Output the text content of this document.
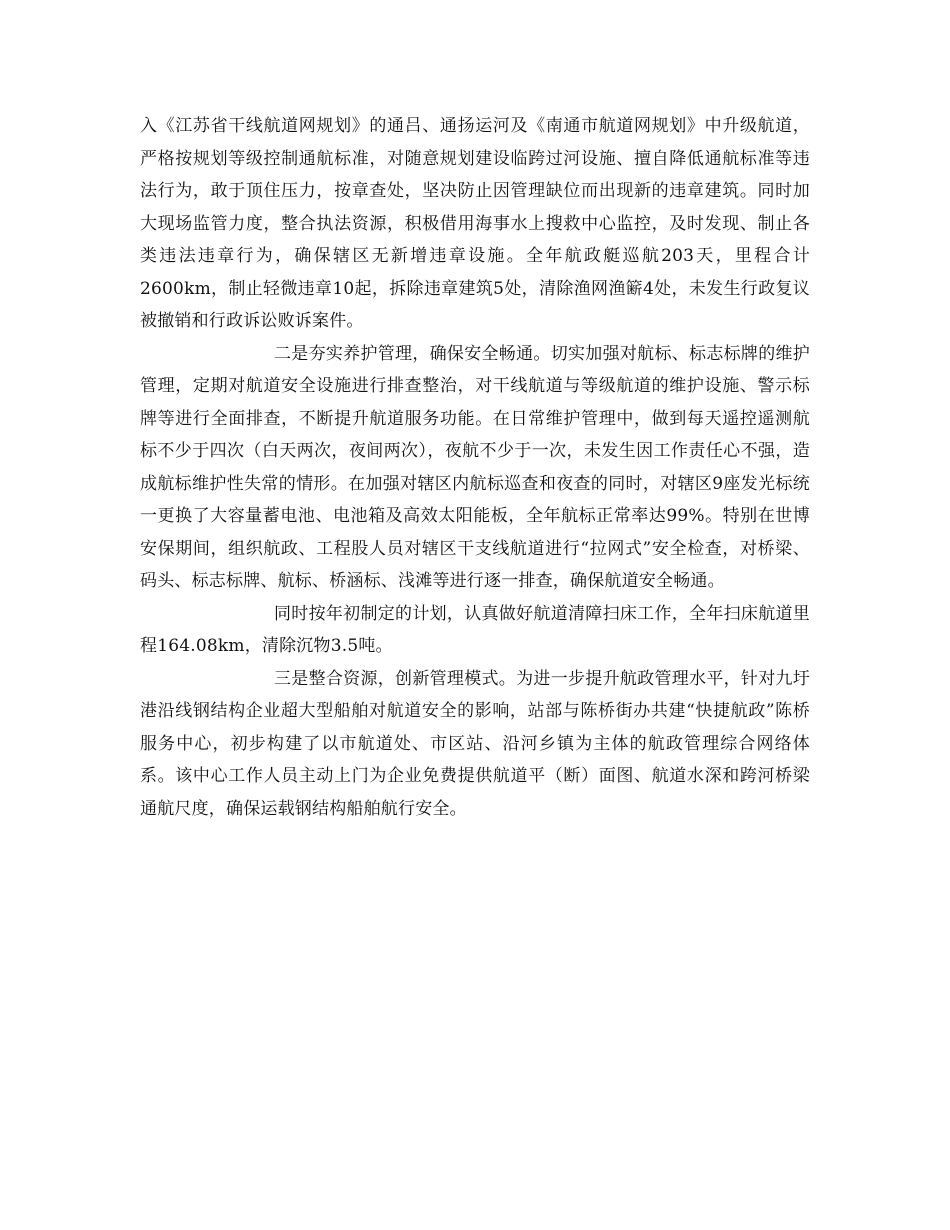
入《江苏省干线航道网规划》的通吕、通扬运河及《南通市航道网规划》中升级航道，严格按规划等级控制通航标准，对随意规划建设临跨过河设施、擅自降低通航标准等违法行为，敢于顶住压力，按章查处，坚决防止因管理缺位而出现新的违章建筑。同时加大现场监管力度，整合执法资源，积极借用海事水上搜救中心监控，及时发现、制止各类违法违章行为，确保辖区无新增违章设施。全年航政艇巡航203天，里程合计2600km，制止轻微违章10起，拆除违章建筑5处，清除渔网渔簖4处，未发生行政复议被撤销和行政诉讼败诉案件。

二是夯实养护管理，确保安全畅通。切实加强对航标、标志标牌的维护管理，定期对航道安全设施进行排查整治，对干线航道与等级航道的维护设施、警示标牌等进行全面排查，不断提升航道服务功能。在日常维护管理中，做到每天遥控遥测航标不少于四次（白天两次，夜间两次），夜航不少于一次，未发生因工作责任心不强，造成航标维护性失常的情形。在加强对辖区内航标巡查和夜查的同时，对辖区9座发光标统一更换了大容量蓄电池、电池箱及高效太阳能板，全年航标正常率达99%。特别在世博安保期间，组织航政、工程股人员对辖区干支线航道进行“拉网式”安全检查，对桥梁、码头、标志标牌、航标、桥涵标、浅滩等进行逐一排查，确保航道安全畅通。

同时按年初制定的计划，认真做好航道清障扫床工作，全年扫床航道里程164.08km，清除沉物3.5吨。

三是整合资源，创新管理模式。为进一步提升航政管理水平，针对九圩港沿线钢结构企业超大型船舶对航道安全的影响，站部与陈桥街办共建“快捷航政”陈桥服务中心，初步构建了以市航道处、市区站、沿河乡镇为主体的航政管理综合网络体系。该中心工作人员主动上门为企业免费提供航道平（断）面图、航道水深和跨河桥梁通航尺度，确保运载钢结构船舶航行安全。
